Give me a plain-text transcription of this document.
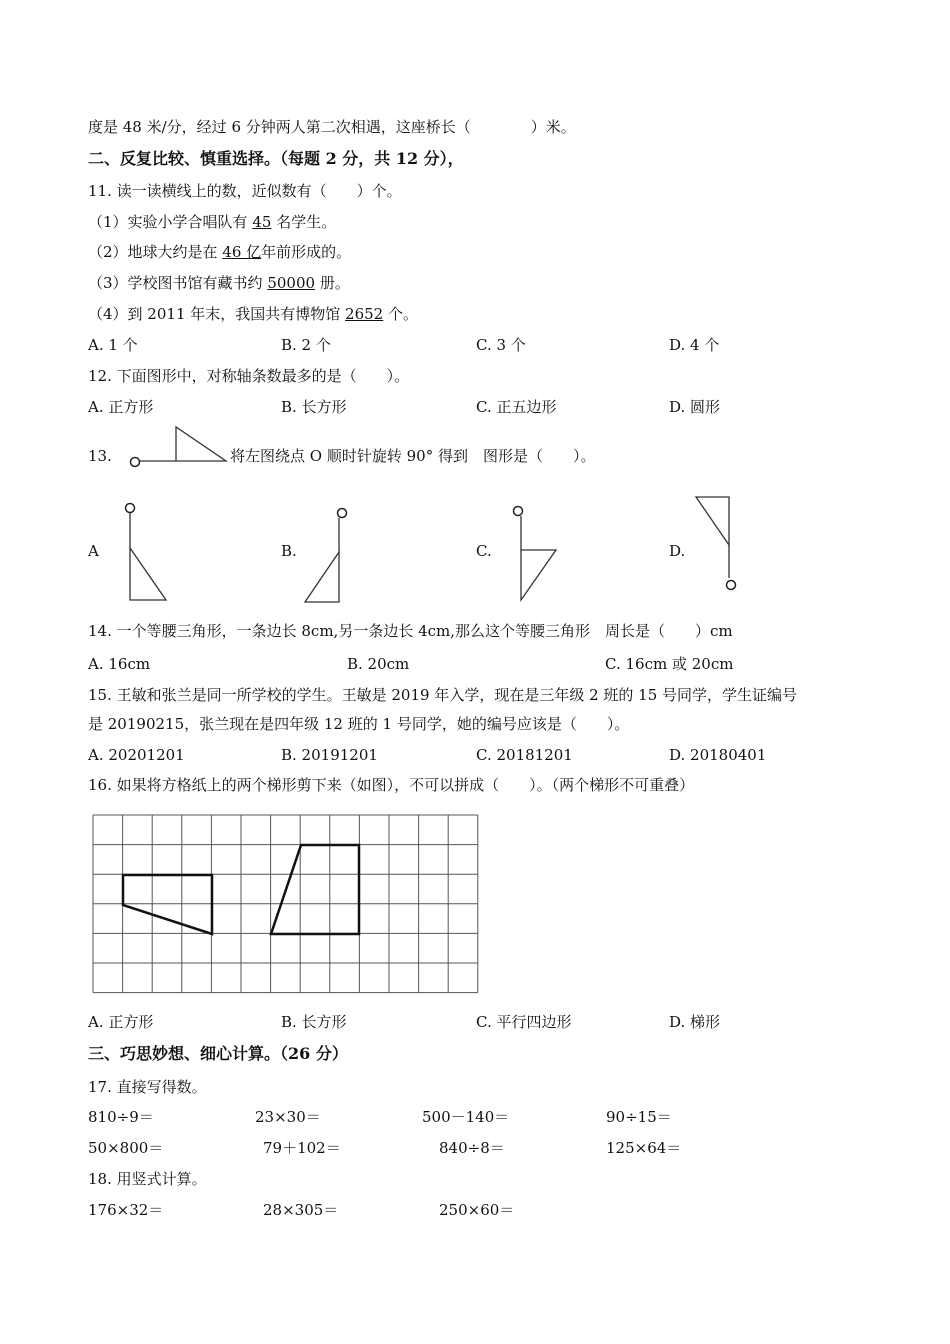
度是 48 米/分，经过 6 分钟两人第二次相遇，这座桥长（　　　　）米。
二、反复比较、慎重选择。（每题 2 分，共 12 分），
11. 读一读横线上的数，近似数有（　　）个。
（1）实验小学合唱队有 45 名学生。
（2）地球大约是在 46 亿年前形成的。
（3）学校图书馆有藏书约 50000 册。
（4）到 2011 年末，我国共有博物馆 2652 个。
A. 1 个	B. 2 个	C. 3 个	D. 4 个
12. 下面图形中，对称轴条数最多的是（　　）。
A. 正方形	B. 长方形	C. 正五边形	D. 圆形
13.	将左图绕点 O 顺时针旋转 90° 得到　图形是（　　）。
A	B.	C.	D.
14. 一个等腰三角形，一条边长 8cm,另一条边长 4cm,那么这个等腰三角形　周长是（　　）cm
A. 16cm	B. 20cm	C. 16cm 或 20cm
15. 王敏和张兰是同一所学校的学生。王敏是 2019 年入学，现在是三年级 2 班的 15 号同学，学生证编号
是 20190215，张兰现在是四年级 12 班的 1 号同学，她的编号应该是（　　）。
A. 20201201	B. 20191201	C. 20181201	D. 20180401
16. 如果将方格纸上的两个梯形剪下来（如图），不可以拼成（　　）。（两个梯形不可重叠）
A. 正方形	B. 长方形	C. 平行四边形	D. 梯形
三、巧思妙想、细心计算。（26 分）
17. 直接写得数。
810÷9＝	23×30＝	500－140＝	90÷15＝
50×800＝	79＋102＝	840÷8＝	125×64＝
18. 用竖式计算。
176×32＝	28×305＝	250×60＝
